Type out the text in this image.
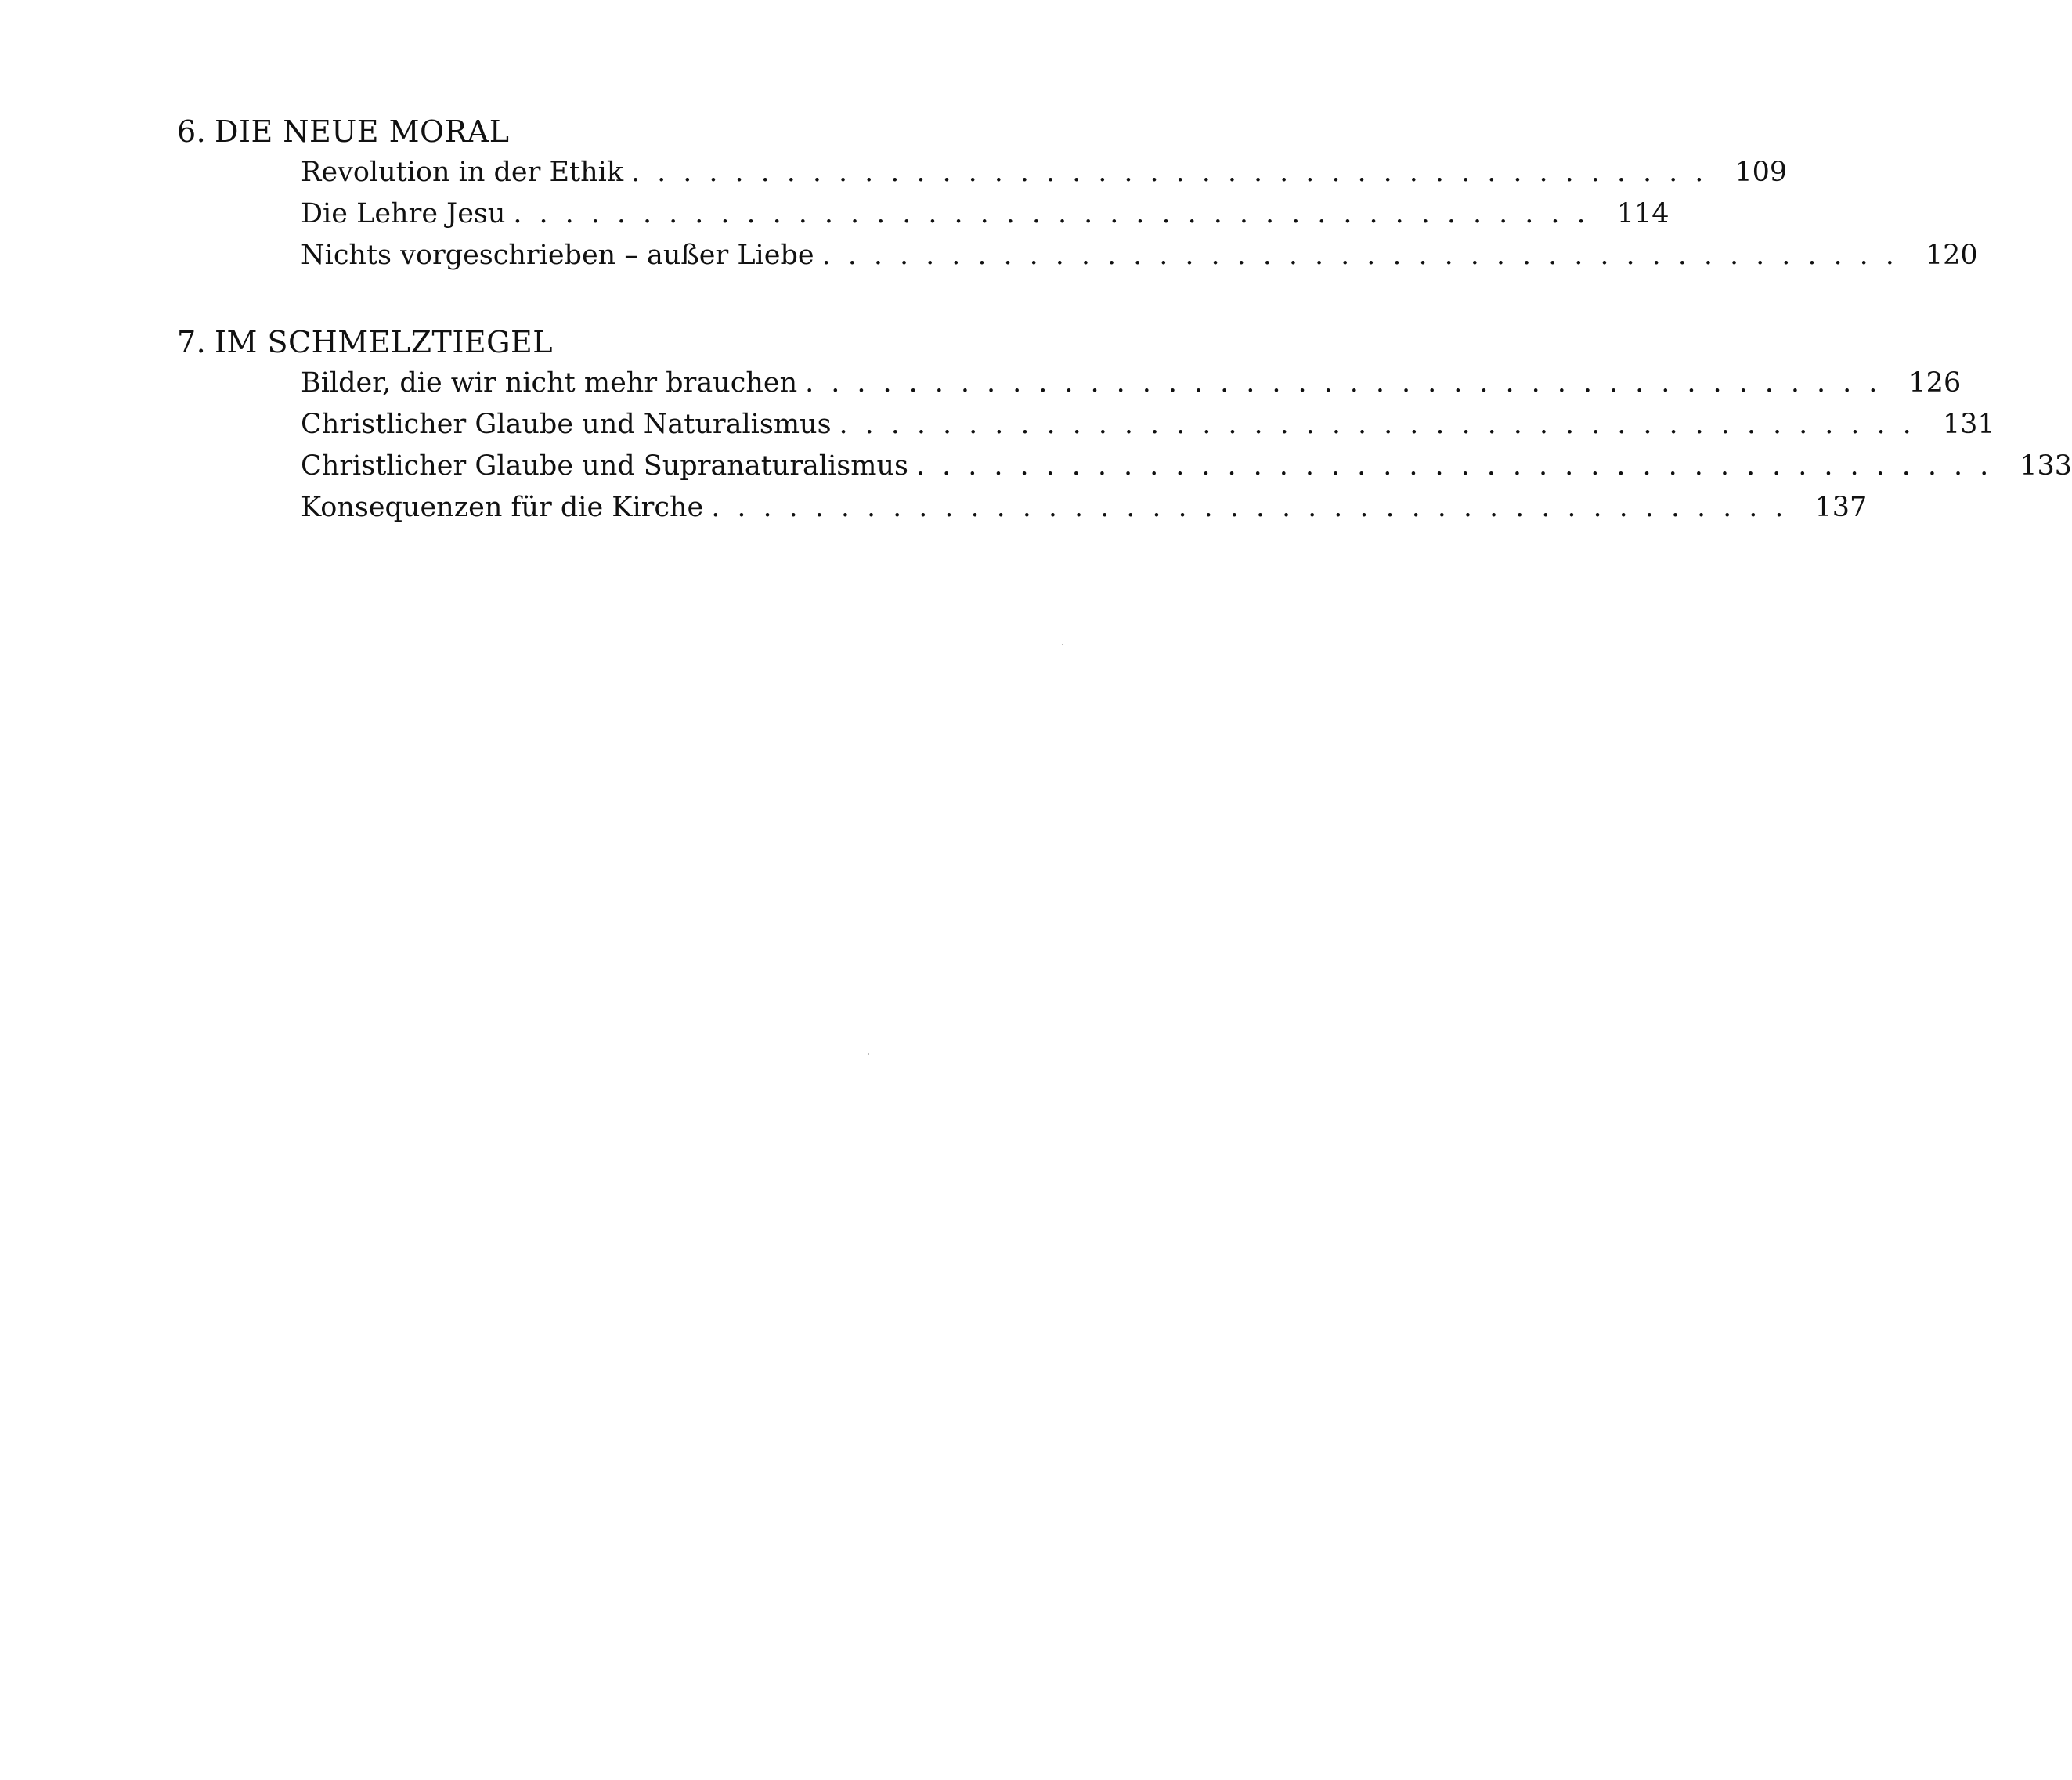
6. DIE NEUE MORAL
Revolution in der Ethik .......................................... 109
Die Lehre Jesu .......................................... 114
Nichts vorgeschrieben – außer Liebe .......................................... 120
7. IM SCHMELZTIEGEL
Bilder, die wir nicht mehr brauchen .......................................... 126
Christlicher Glaube und Naturalismus .......................................... 131
Christlicher Glaube und Supranaturalismus .......................................... 133
Konsequenzen für die Kirche .......................................... 137
